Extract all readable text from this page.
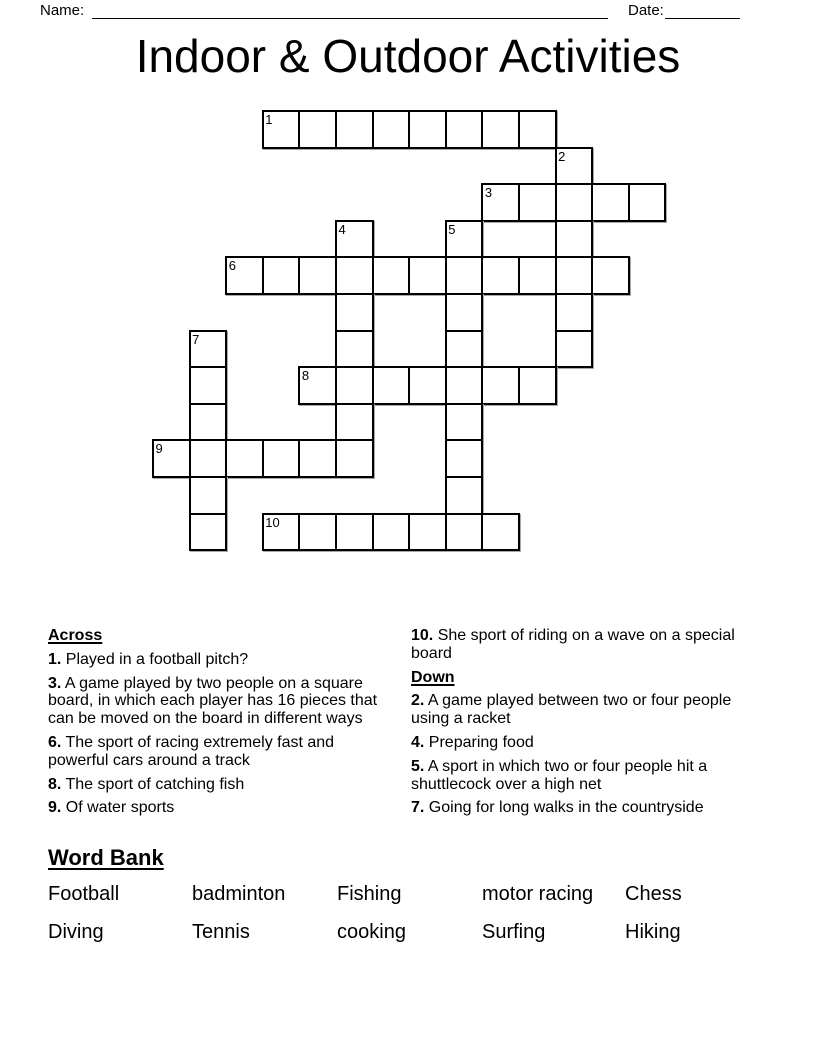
Name:	Date:
Indoor & Outdoor Activities
1
2
3
4	5
6
7
8
9
10
Across

1. Played in a football pitch?

3. A game played by two people on a square board, in which each player has 16 pieces that can be moved on the board in different ways

6. The sport of racing extremely fast and powerful cars around a track

8. The sport of catching fish

9. Of water sports

10. She sport of riding on a wave on a special board

Down

2. A game played between two or four people using a racket

4. Preparing food

5. A sport in which two or four people hit a shuttlecock over a high net

7. Going for long walks in the countryside

Word Bank
Football	badminton	Fishing	motor racing	Chess
Diving	Tennis	cooking	Surfing	Hiking
